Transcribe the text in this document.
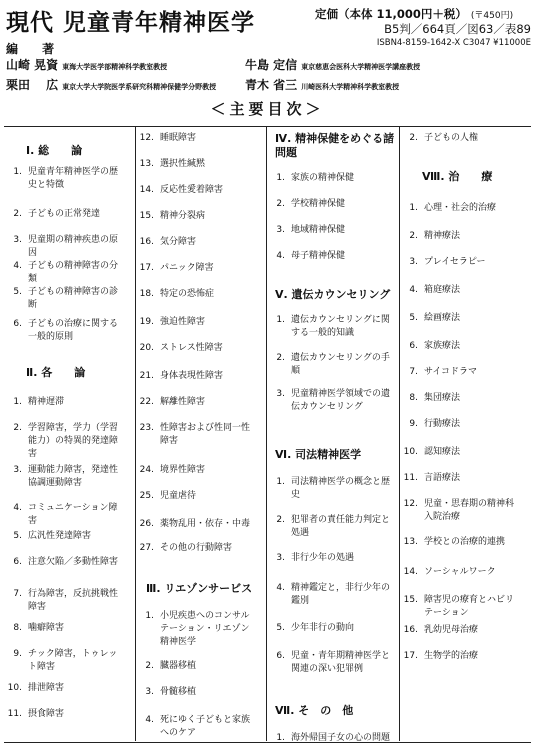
現代 児童青年精神医学	定価（本体 11,000円＋税） (〒450円)
B5判／664頁／図63／表89
ISBN4-8159-1642-X C3047 ¥11000E
編 著
山崎 晃資 東海大学医学部精神科学教室教授	牛島 定信 東京慈恵会医科大学精神医学講座教授
栗田 　広 東京大学大学院医学系研究科精神保健学分野教授 青木 省三 川崎医科大学精神科学教室教授
＜主要目次＞
Ⅰ. 総　　論
1. 児童青年精神医学の歴史と特徴
2. 子どもの正常発達
3. 児童期の精神疾患の原因
4. 子どもの精神障害の分類
5. 子どもの精神障害の診断
6. 子どもの治療に関する一般的原則
Ⅱ. 各　　論
1. 精神遅滞
2. 学習障害，学力（学習能力）の特異的発達障害
3. 運動能力障害，発達性協調運動障害
4. コミュニケーション障害
5. 広汎性発達障害
6. 注意欠陥／多動性障害
7. 行為障害，反抗挑戦性障害
8. 噛癖障害
9. チック障害，トゥレット障害
10. 排泄障害
11. 摂食障害
12. 睡眠障害
13. 選択性緘黙
14. 反応性愛着障害
15. 精神分裂病
16. 気分障害
17. パニック障害
18. 特定の恐怖症
19. 強迫性障害
20. ストレス性障害
21. 身体表現性障害
22. 解離性障害
23. 性障害および性同一性障害
24. 境界性障害
25. 児童虐待
26. 薬物乱用・依存・中毒
27. その他の行動障害
Ⅲ. リエゾンサービス
1. 小児疾患へのコンサルテーション・リエゾン精神医学
2. 臓器移植
3. 骨髄移植
4. 死にゆく子どもと家族へのケア
Ⅳ. 精神保健をめぐる諸問題
1. 家族の精神保健
2. 学校精神保健
3. 地域精神保健
4. 母子精神保健
Ⅴ. 遺伝カウンセリング
1. 遺伝カウンセリングに関する一般的知識
2. 遺伝カウンセリングの手順
3. 児童精神医学領域での遺伝カウンセリング
Ⅵ. 司法精神医学
1. 司法精神医学の概念と歴史
2. 犯罪者の責任能力判定と処遇
3. 非行少年の処遇
4. 精神鑑定と，非行少年の鑑別
5. 少年非行の動向
6. 児童・青年期精神医学と関連の深い犯罪例
Ⅶ. そ　の　他
1. 海外帰国子女の心の問題
2. 子どもの人権
Ⅷ. 治　　療
1. 心理・社会的治療
2. 精神療法
3. プレイセラピー
4. 箱庭療法
5. 絵画療法
6. 家族療法
7. サイコドラマ
8. 集団療法
9. 行動療法
10. 認知療法
11. 言語療法
12. 児童・思春期の精神科入院治療
13. 学校との治療的連携
14. ソーシャルワーク
15. 障害児の療育とハビリテーション
16. 乳幼児母治療
17. 生物学的治療
